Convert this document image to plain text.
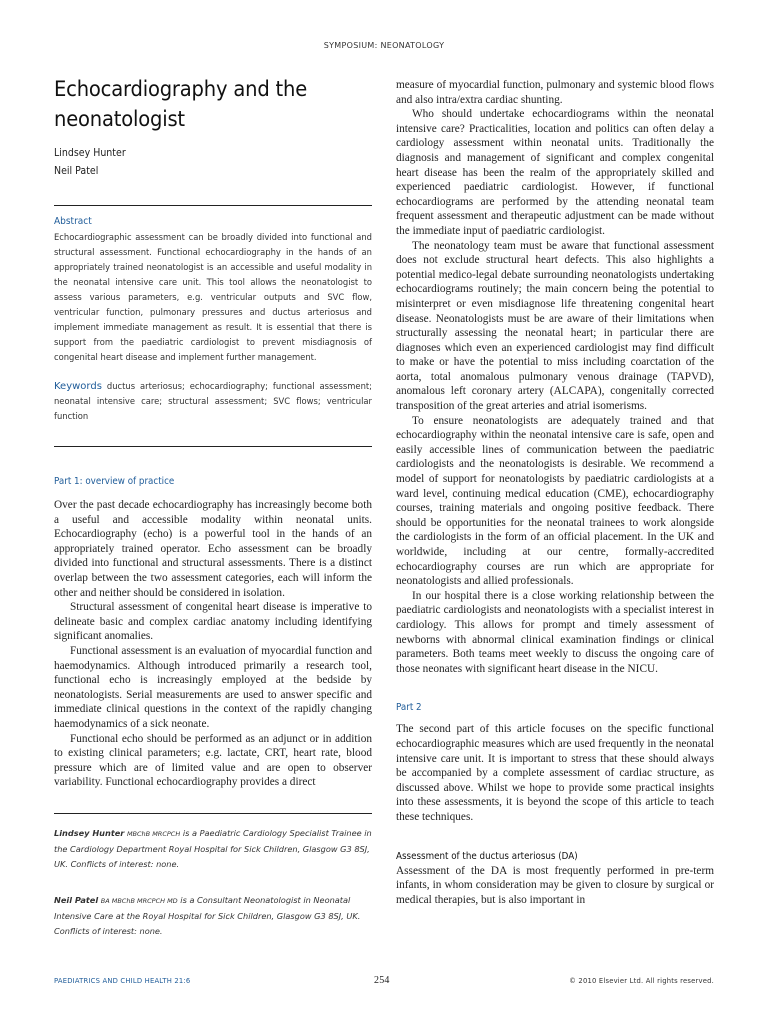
SYMPOSIUM: NEONATOLOGY
Echocardiography and the neonatologist
Lindsey Hunter
Neil Patel
Abstract
Echocardiographic assessment can be broadly divided into functional and structural assessment. Functional echocardiography in the hands of an appropriately trained neonatologist is an accessible and useful modality in the neonatal intensive care unit. This tool allows the neonatologist to assess various parameters, e.g. ventricular outputs and SVC flow, ventricular function, pulmonary pressures and ductus arteriosus and implement immediate management as result. It is essential that there is support from the paediatric cardiologist to prevent misdiagnosis of congenital heart disease and implement further management.
Keywords ductus arteriosus; echocardiography; functional assessment; neonatal intensive care; structural assessment; SVC flows; ventricular function
Part 1: overview of practice

Over the past decade echocardiography has increasingly become both a useful and accessible modality within neonatal units. Echocardiography (echo) is a powerful tool in the hands of an appropriately trained operator. Echo assessment can be broadly divided into functional and structural assessments. There is a distinct overlap between the two assessment categories, each will inform the other and neither should be considered in isolation.

Structural assessment of congenital heart disease is imperative to delineate basic and complex cardiac anatomy including identifying significant anomalies.

Functional assessment is an evaluation of myocardial function and haemodynamics. Although introduced primarily a research tool, functional echo is increasingly employed at the bedside by neonatologists. Serial measurements are used to answer specific and immediate clinical questions in the context of the rapidly changing haemodynamics of a sick neonate.

Functional echo should be performed as an adjunct or in addition to existing clinical parameters; e.g. lactate, CRT, heart rate, blood pressure which are of limited value and are open to observer variability. Functional echocardiography provides a direct

Lindsey Hunter MBChB MRCPCH is a Paediatric Cardiology Specialist Trainee in the Cardiology Department Royal Hospital for Sick Children, Glasgow G3 8SJ, UK. Conflicts of interest: none.
Neil Patel BA MBChB MRCPCH MD is a Consultant Neonatologist in Neonatal Intensive Care at the Royal Hospital for Sick Children, Glasgow G3 8SJ, UK. Conflicts of interest: none.

measure of myocardial function, pulmonary and systemic blood flows and also intra/extra cardiac shunting.

Who should undertake echocardiograms within the neonatal intensive care? Practicalities, location and politics can often delay a cardiology assessment within neonatal units. Traditionally the diagnosis and management of significant and complex congenital heart disease has been the realm of the appropriately skilled and experienced paediatric cardiologist. However, if functional echocardiograms are performed by the attending neonatal team frequent assessment and therapeutic adjustment can be made without the immediate input of paediatric cardiologist.

The neonatology team must be aware that functional assessment does not exclude structural heart defects. This also highlights a potential medico-legal debate surrounding neonatologists undertaking echocardiograms routinely; the main concern being the potential to misinterpret or even misdiagnose life threatening congenital heart disease. Neonatologists must be are aware of their limitations when structurally assessing the neonatal heart; in particular there are diagnoses which even an experienced cardiologist may find difficult to make or have the potential to miss including coarctation of the aorta, total anomalous pulmonary venous drainage (TAPVD), anomalous left coronary artery (ALCAPA), congenitally corrected transposition of the great arteries and atrial isomerisms.

To ensure neonatologists are adequately trained and that echocardiography within the neonatal intensive care is safe, open and easily accessible lines of communication between the paediatric cardiologists and the neonatologists is desirable. We recommend a model of support for neonatologists by paediatric cardiologists at a ward level, continuing medical education (CME), echocardiography courses, training materials and ongoing positive feedback. There should be opportunities for the neonatal trainees to work alongside the cardiologists in the form of an official placement. In the UK and worldwide, including at our centre, formally-accredited echocardiography courses are run which are appropriate for neonatologists and allied professionals.

In our hospital there is a close working relationship between the paediatric cardiologists and neonatologists with a specialist interest in cardiology. This allows for prompt and timely assessment of newborns with abnormal clinical examination findings or clinical parameters. Both teams meet weekly to discuss the ongoing care of those neonates with significant heart disease in the NICU.

Part 2

The second part of this article focuses on the specific functional echocardiographic measures which are used frequently in the neonatal intensive care unit. It is important to stress that these should always be accompanied by a complete assessment of cardiac structure, as discussed above. Whilst we hope to provide some practical insights into these assessments, it is beyond the scope of this article to teach these techniques.

Assessment of the ductus arteriosus (DA)

Assessment of the DA is most frequently performed in pre-term infants, in whom consideration may be given to closure by surgical or medical therapies, but is also important in

PAEDIATRICS AND CHILD HEALTH 21:6	254	© 2010 Elsevier Ltd. All rights reserved.
